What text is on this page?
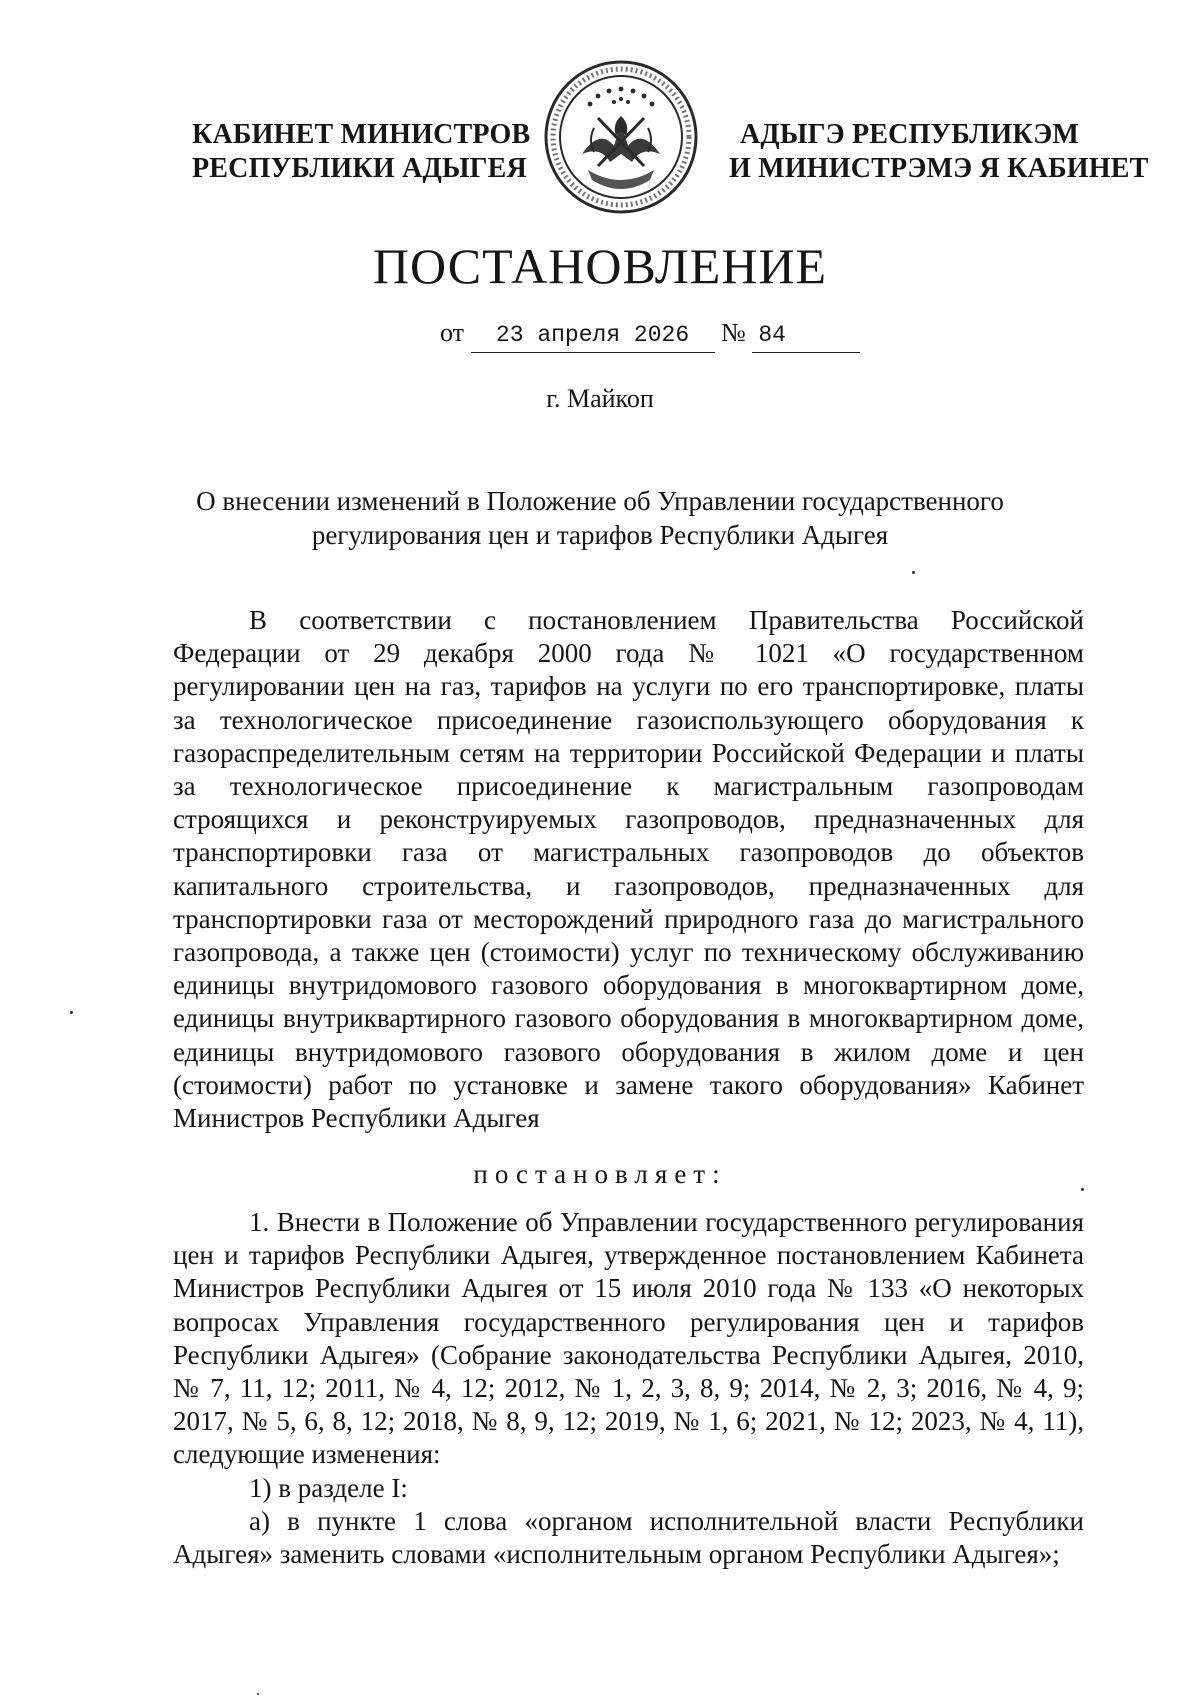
КАБИНЕТ МИНИСТРОВ
РЕСПУБЛИКИ АДЫГЕЯ
АДЫГЭ РЕСПУБЛИКЭМ
И МИНИСТРЭМЭ Я КАБИНЕТ
ПОСТАНОВЛЕНИЕ
от 23 апреля 2026 № 84
г. Майкоп
О внесении изменений в Положение об Управлении государственного
регулирования цен и тарифов Республики Адыгея
В соответствии с постановлением Правительства Российской Федерации от 29 декабря 2000 года № 1021 «О государственном регулировании цен на газ, тарифов на услуги по его транспортировке, платы за технологическое присоединение газоиспользующего оборудования к газораспределительным сетям на территории Российской Федерации и платы за технологическое присоединение к магистральным газопроводам строящихся и реконструируемых газопроводов, предназначенных для транспортировки газа от магистральных газопроводов до объектов капитального строительства, и газопроводов, предназначенных для транспортировки газа от месторождений природного газа до магистрального газопровода, а также цен (стоимости) услуг по техническому обслуживанию единицы внутридомового газового оборудования в многоквартирном доме, единицы внутриквартирного газового оборудования в многоквартирном доме, единицы внутридомового газового оборудования в жилом доме и цен (стоимости) работ по установке и замене такого оборудования» Кабинет Министров Республики Адыгея
постановляет:

1. Внести в Положение об Управлении государственного регулирования цен и тарифов Республики Адыгея, утвержденное постановлением Кабинета Министров Республики Адыгея от 15 июля 2010 года № 133 «О некоторых вопросах Управления государственного регулирования цен и тарифов Республики Адыгея» (Собрание законодательства Республики Адыгея, 2010, № 7, 11, 12; 2011, № 4, 12; 2012, № 1, 2, 3, 8, 9; 2014, № 2, 3; 2016, № 4, 9; 2017, № 5, 6, 8, 12; 2018, № 8, 9, 12; 2019, № 1, 6; 2021, № 12; 2023, № 4, 11), следующие изменения:

1) в разделе I:

а) в пункте 1 слова «органом исполнительной власти Республики Адыгея» заменить словами «исполнительным органом Республики Адыгея»;
